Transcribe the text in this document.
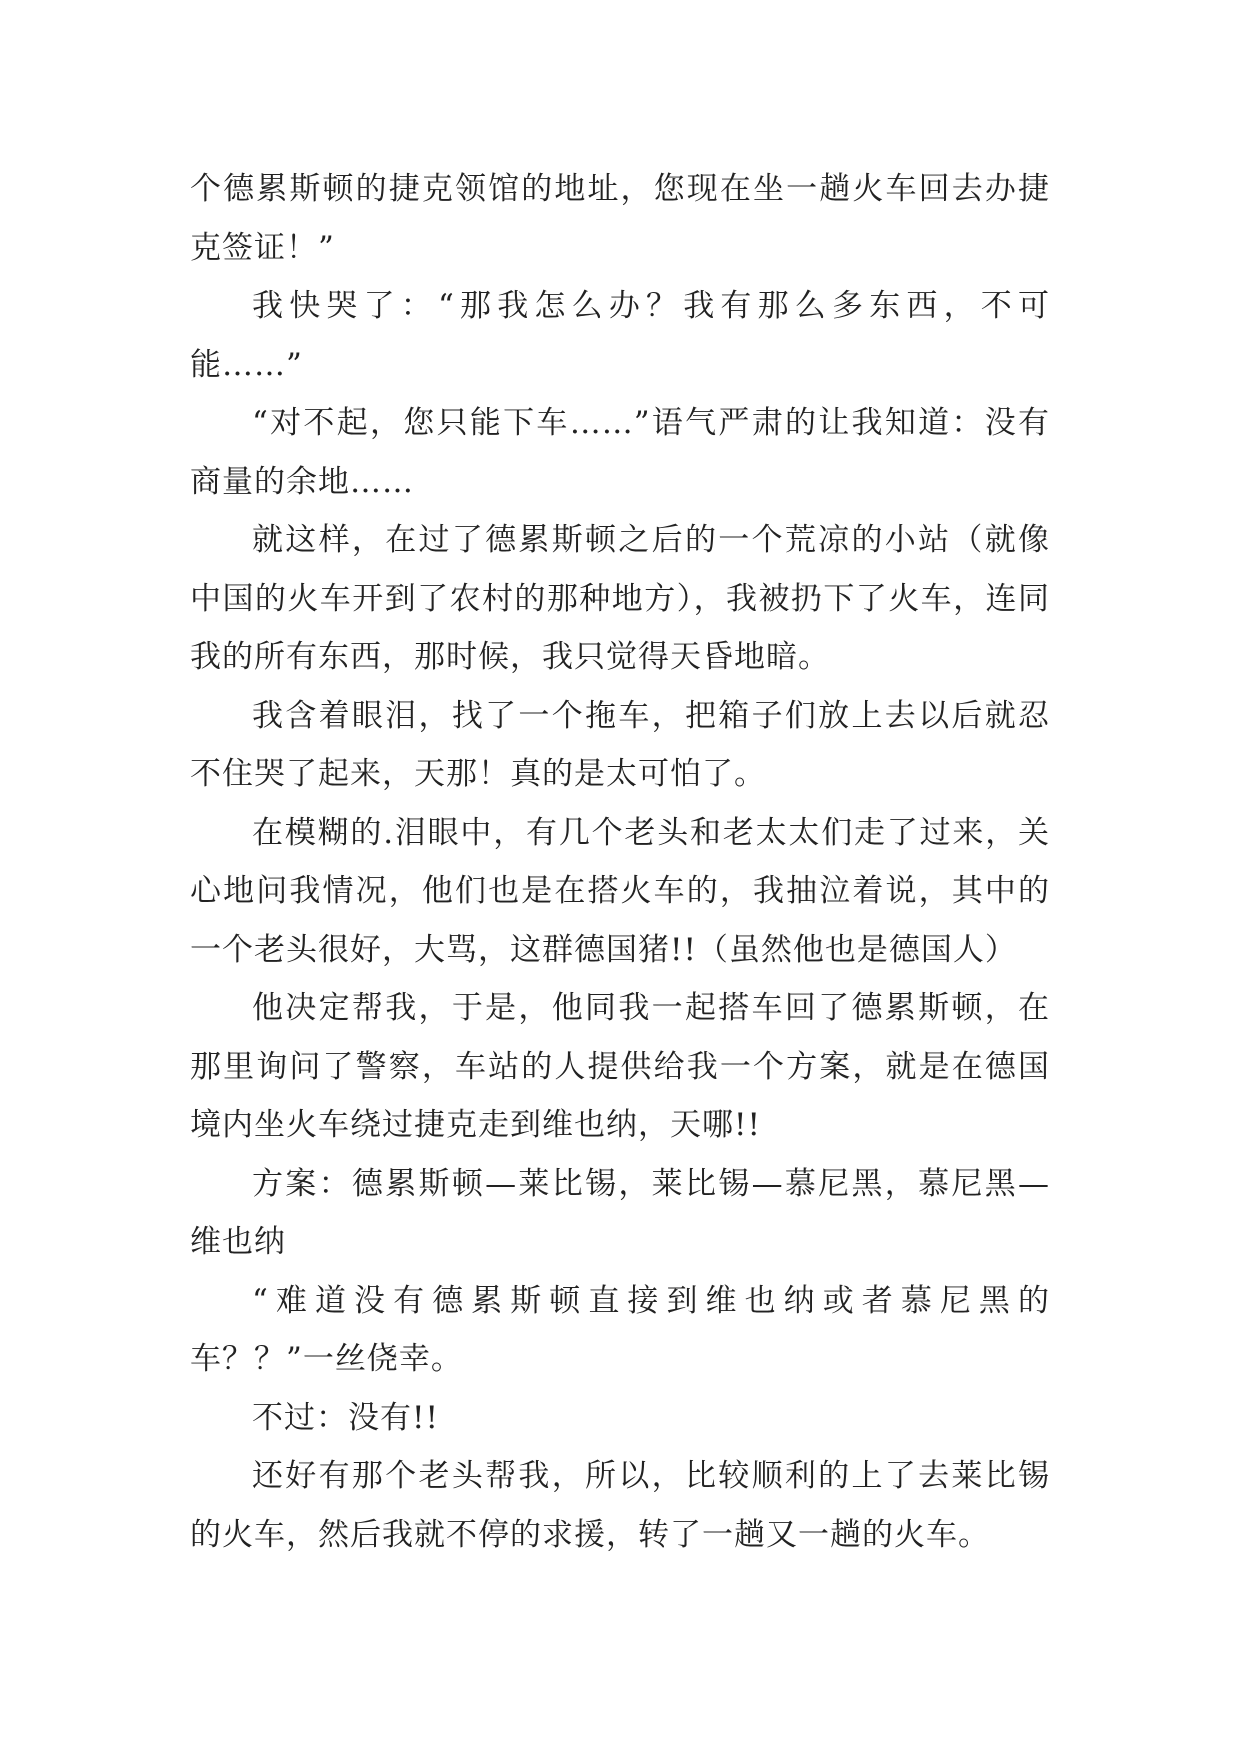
个德累斯顿的捷克领馆的地址，您现在坐一趟火车回去办捷克签证！”

我快哭了：“那我怎么办？我有那么多东西，不可能……”

“对不起，您只能下车……”语气严肃的让我知道：没有商量的余地……

就这样，在过了德累斯顿之后的一个荒凉的小站（就像中国的火车开到了农村的那种地方），我被扔下了火车，连同我的所有东西，那时候，我只觉得天昏地暗。

我含着眼泪，找了一个拖车，把箱子们放上去以后就忍不住哭了起来，天那！真的是太可怕了。

在模糊的.泪眼中，有几个老头和老太太们走了过来，关心地问我情况，他们也是在搭火车的，我抽泣着说，其中的一个老头很好，大骂，这群德国猪!!（虽然他也是德国人）

他决定帮我，于是，他同我一起搭车回了德累斯顿，在那里询问了警察，车站的人提供给我一个方案，就是在德国境内坐火车绕过捷克走到维也纳，天哪!!

方案：德累斯顿—莱比锡，莱比锡—慕尼黑，慕尼黑—维也纳

“难道没有德累斯顿直接到维也纳或者慕尼黑的车？？”一丝侥幸。

不过：没有!!

还好有那个老头帮我，所以，比较顺利的上了去莱比锡的火车，然后我就不停的求援，转了一趟又一趟的火车。
